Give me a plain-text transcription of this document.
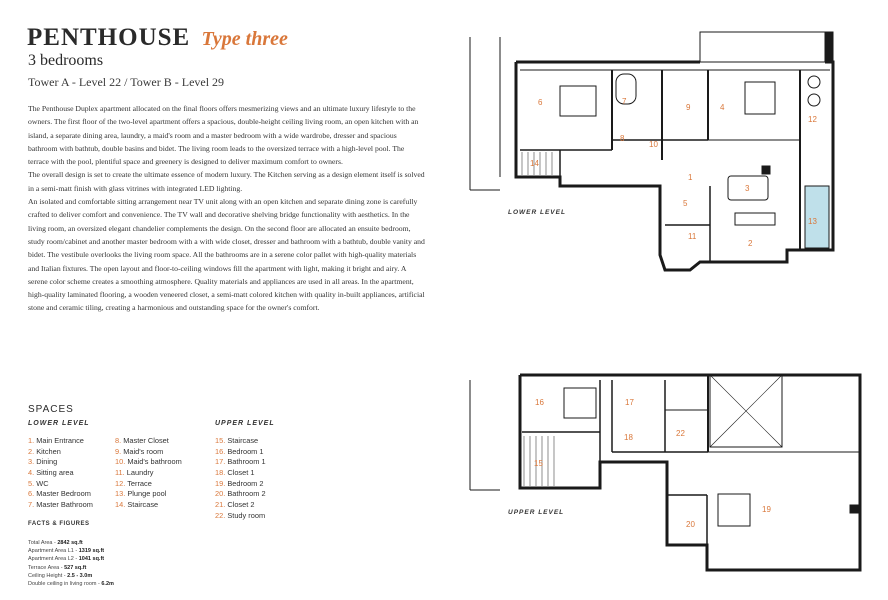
PENTHOUSE Type three
3 bedrooms
Tower A - Level 22 / Tower B - Level 29

The Penthouse Duplex apartment allocated on the final floors offers mesmerizing views and an ultimate luxury lifestyle to the owners. The first floor of the two-level apartment offers a spacious, double-height ceiling living room, an open kitchen with an island, a separate dining area, laundry, a maid's room and a master bedroom with a wide wardrobe, dresser and spacious bathroom with bathtub, double basins and bidet. The living room leads to the oversized terrace with a high-level pool. The terrace with the pool, plentiful space and greenery is designed to deliver maximum comfort to owners.

The overall design is set to create the ultimate essence of modern luxury. The Kitchen serving as a design element itself is solved in a semi-matt finish with glass vitrines with integrated LED lighting.

An isolated and comfortable sitting arrangement near TV unit along with an open kitchen and separate dining zone is carefully crafted to deliver comfort and convenience. The TV wall and decorative shelving bridge functionality with aesthetics. In the living room, an oversized elegant chandelier complements the design. On the second floor are allocated an ensuite bedroom, study room/cabinet and another master bedroom with a with wide closet, dresser and bathroom with a bathtub, double vanity and bidet. The vestibule overlooks the living room space. All the bathrooms are in a serene color pallet with high-quality materials and Italian fixtures. The open layout and floor-to-ceiling windows fill the apartment with light, making it bright and airy. A serene color scheme creates a smoothing atmosphere. Quality materials and appliances are used in all areas. In the apartment, high-quality laminated flooring, a wooden veneered closet, a semi-matt colored kitchen with quality in-built appliances, artificial stone and ceramic tiling, creating a harmonious and outstanding space for the owner's comfort.

SPACES
LOWER LEVEL	UPPER LEVEL
1. Main Entrance
2. Kitchen
3. Dining
4. Sitting area
5. WC
6. Master Bedroom
7. Master Bathroom
8. Master Closet
9. Maid's room
10. Maid's bathroom
11. Laundry
12. Terrace
13. Plunge pool
14. Staircase
15. Staircase
16. Bedroom 1
17. Bathroom 1
18. Closet 1
19. Bedroom 2
20. Bathroom 2
21. Closet 2
22. Study room
FACTS & FIGURES
Total Area - 2842 sq.ft
Apartment Area L1 - 1319 sq.ft
Apartment Area L2 - 1041 sq.ft
Terrace Area - 527 sq.ft
Ceiling Height - 2.5 - 3.0m
Double ceiling in living room - 6.2m
1
2
3
4
5
6	7
8
9
10
11
12
13
14
LOWER LEVEL
15
16	17
18
19
20
22
UPPER LEVEL
